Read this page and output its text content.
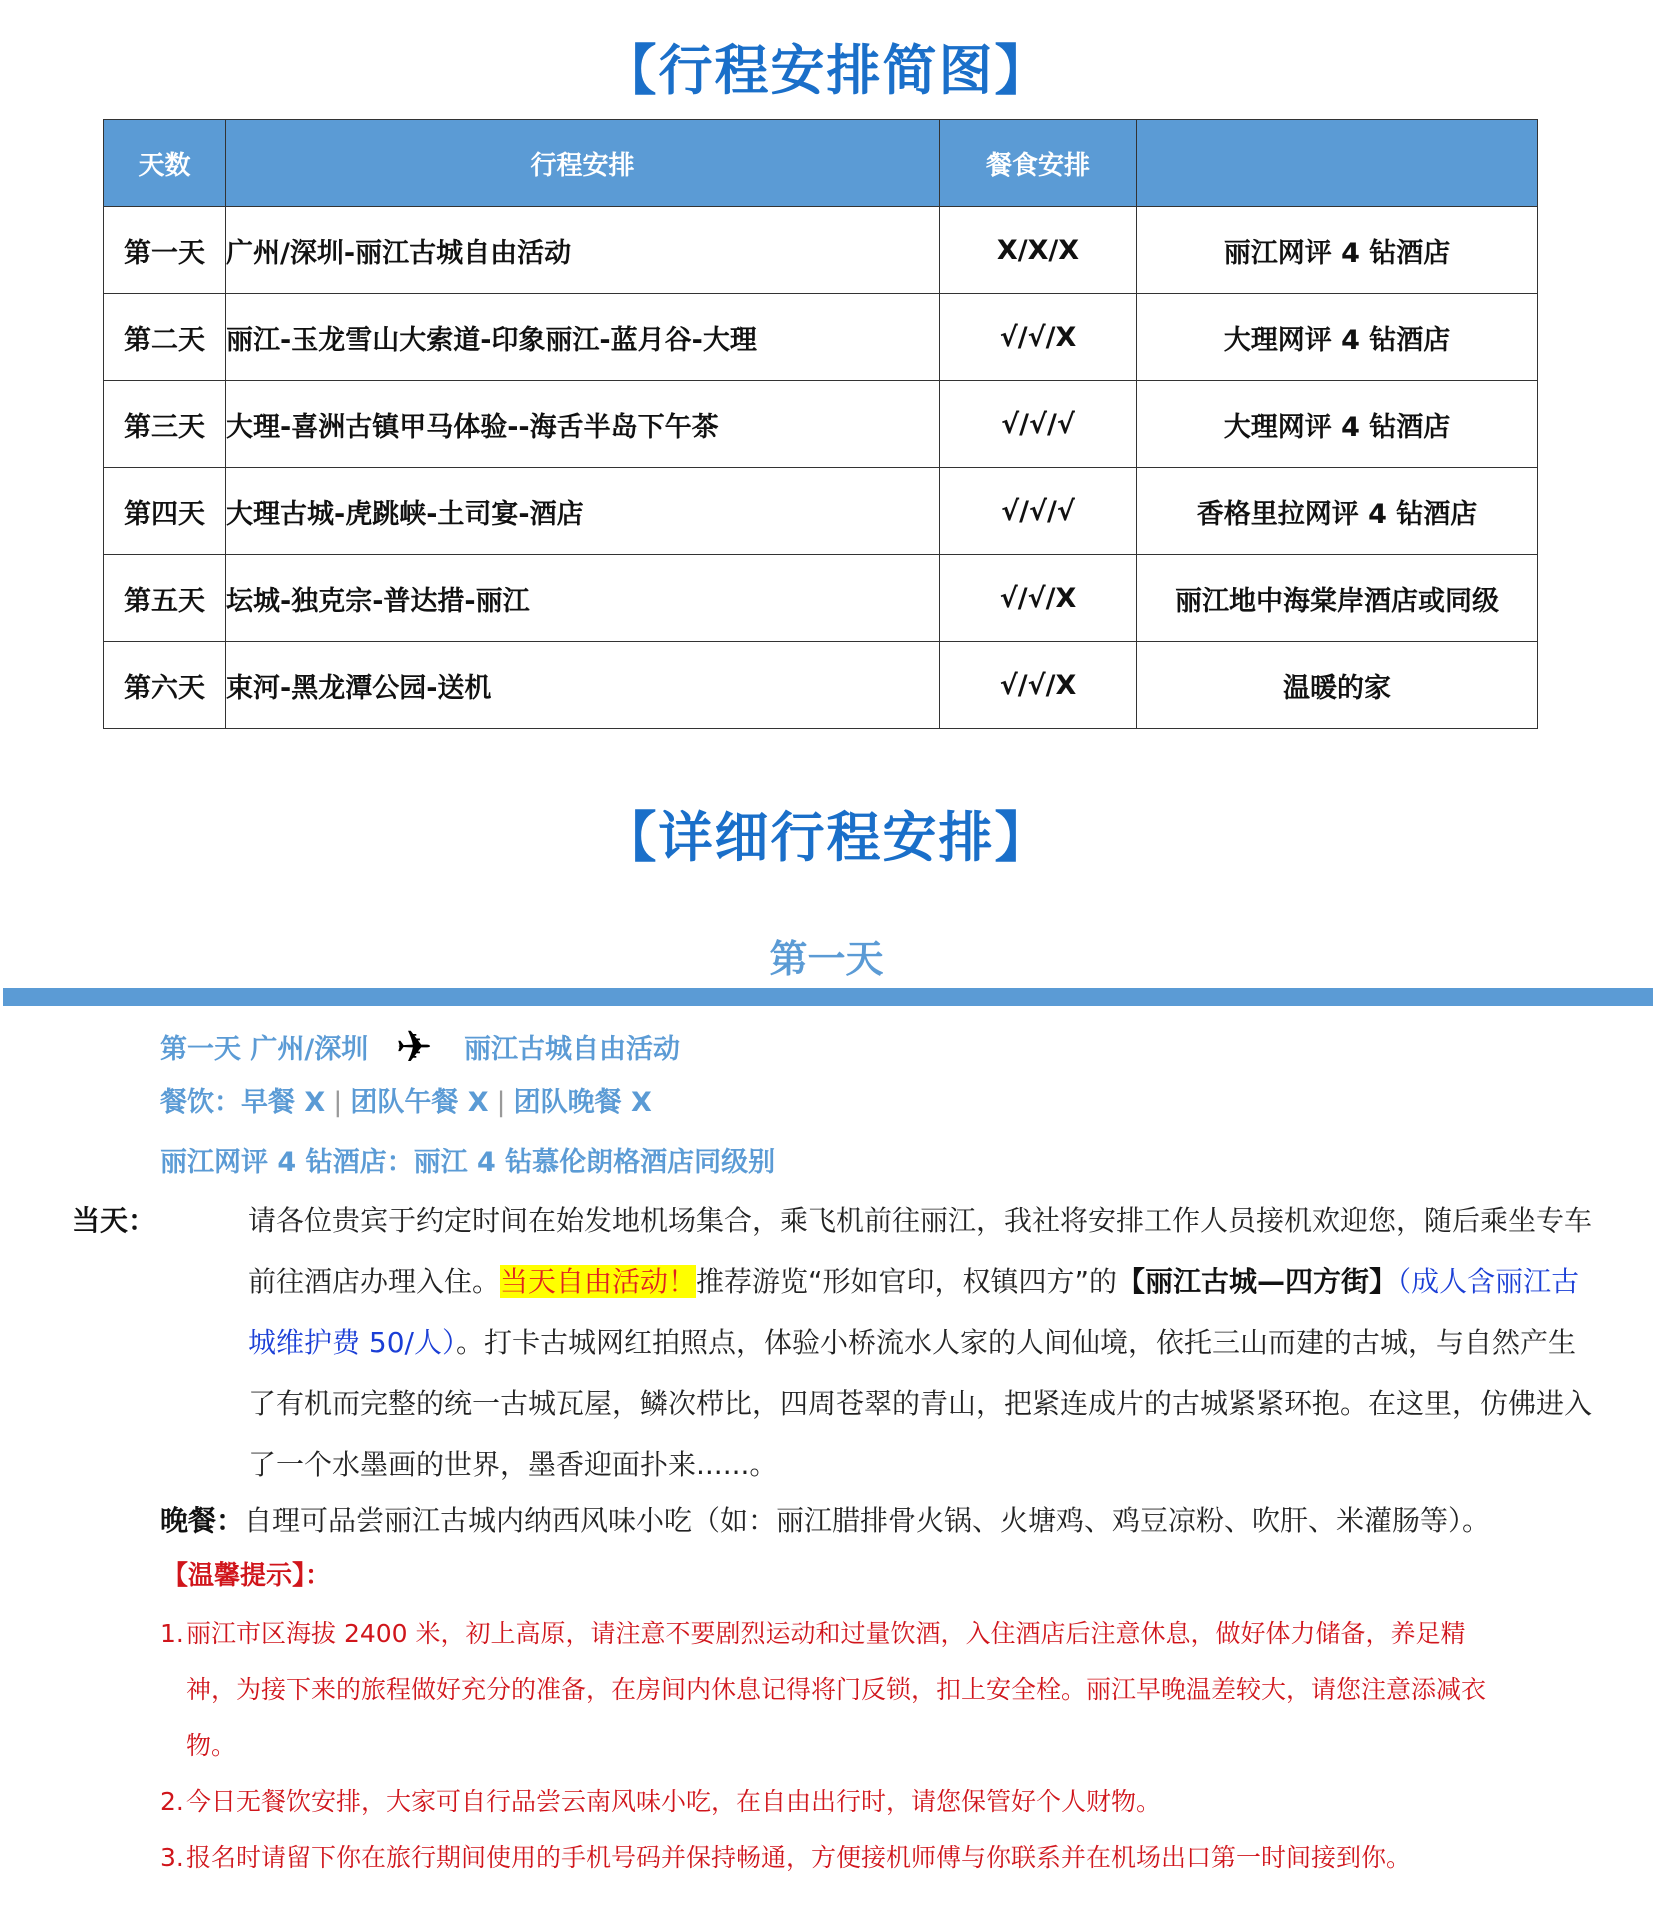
【行程安排简图】
天数	行程安排	餐食安排	
第一天	广州/深圳-丽江古城自由活动	X/X/X	丽江网评 4 钻酒店
第二天	丽江-玉龙雪山大索道-印象丽江-蓝月谷-大理	√/√/X	大理网评 4 钻酒店
第三天	大理-喜洲古镇甲马体验--海舌半岛下午茶	√/√/√	大理网评 4 钻酒店
第四天	大理古城-虎跳峡-土司宴-酒店	√/√/√	香格里拉网评 4 钻酒店
第五天	坛城-独克宗-普达措-丽江	√/√/X	丽江地中海棠岸酒店或同级
第六天	束河-黑龙潭公园-送机	√/√/X	温暖的家
【详细行程安排】
第一天
第一天 广州/深圳 ✈ 丽江古城自由活动
餐饮：早餐 X | 团队午餐 X | 团队晚餐 X
丽江网评 4 钻酒店：丽江 4 钻慕伦朗格酒店同级别
当天：	请各位贵宾于约定时间在始发地机场集合，乘飞机前往丽江，我社将安排工作人员接机欢迎您，随后乘坐专车前往酒店办理入住。当天自由活动！推荐游览“形如官印，权镇四方”的【丽江古城—四方街】（成人含丽江古城维护费 50/人）。打卡古城网红拍照点，体验小桥流水人家的人间仙境，依托三山而建的古城，与自然产生了有机而完整的统一古城瓦屋，鳞次栉比，四周苍翠的青山，把紧连成片的古城紧紧环抱。在这里，仿佛进入了一个水墨画的世界，墨香迎面扑来......。
晚餐：自理可品尝丽江古城内纳西风味小吃（如：丽江腊排骨火锅、火塘鸡、鸡豆凉粉、吹肝、米灌肠等）。
【温馨提示】：
1.丽江市区海拔 2400 米，初上高原，请注意不要剧烈运动和过量饮酒，入住酒店后注意休息，做好体力储备，养足精神，为接下来的旅程做好充分的准备，在房间内休息记得将门反锁，扣上安全栓。丽江早晚温差较大，请您注意添减衣物。
2.今日无餐饮安排，大家可自行品尝云南风味小吃，在自由出行时，请您保管好个人财物。
3.报名时请留下你在旅行期间使用的手机号码并保持畅通，方便接机师傅与你联系并在机场出口第一时间接到你。
